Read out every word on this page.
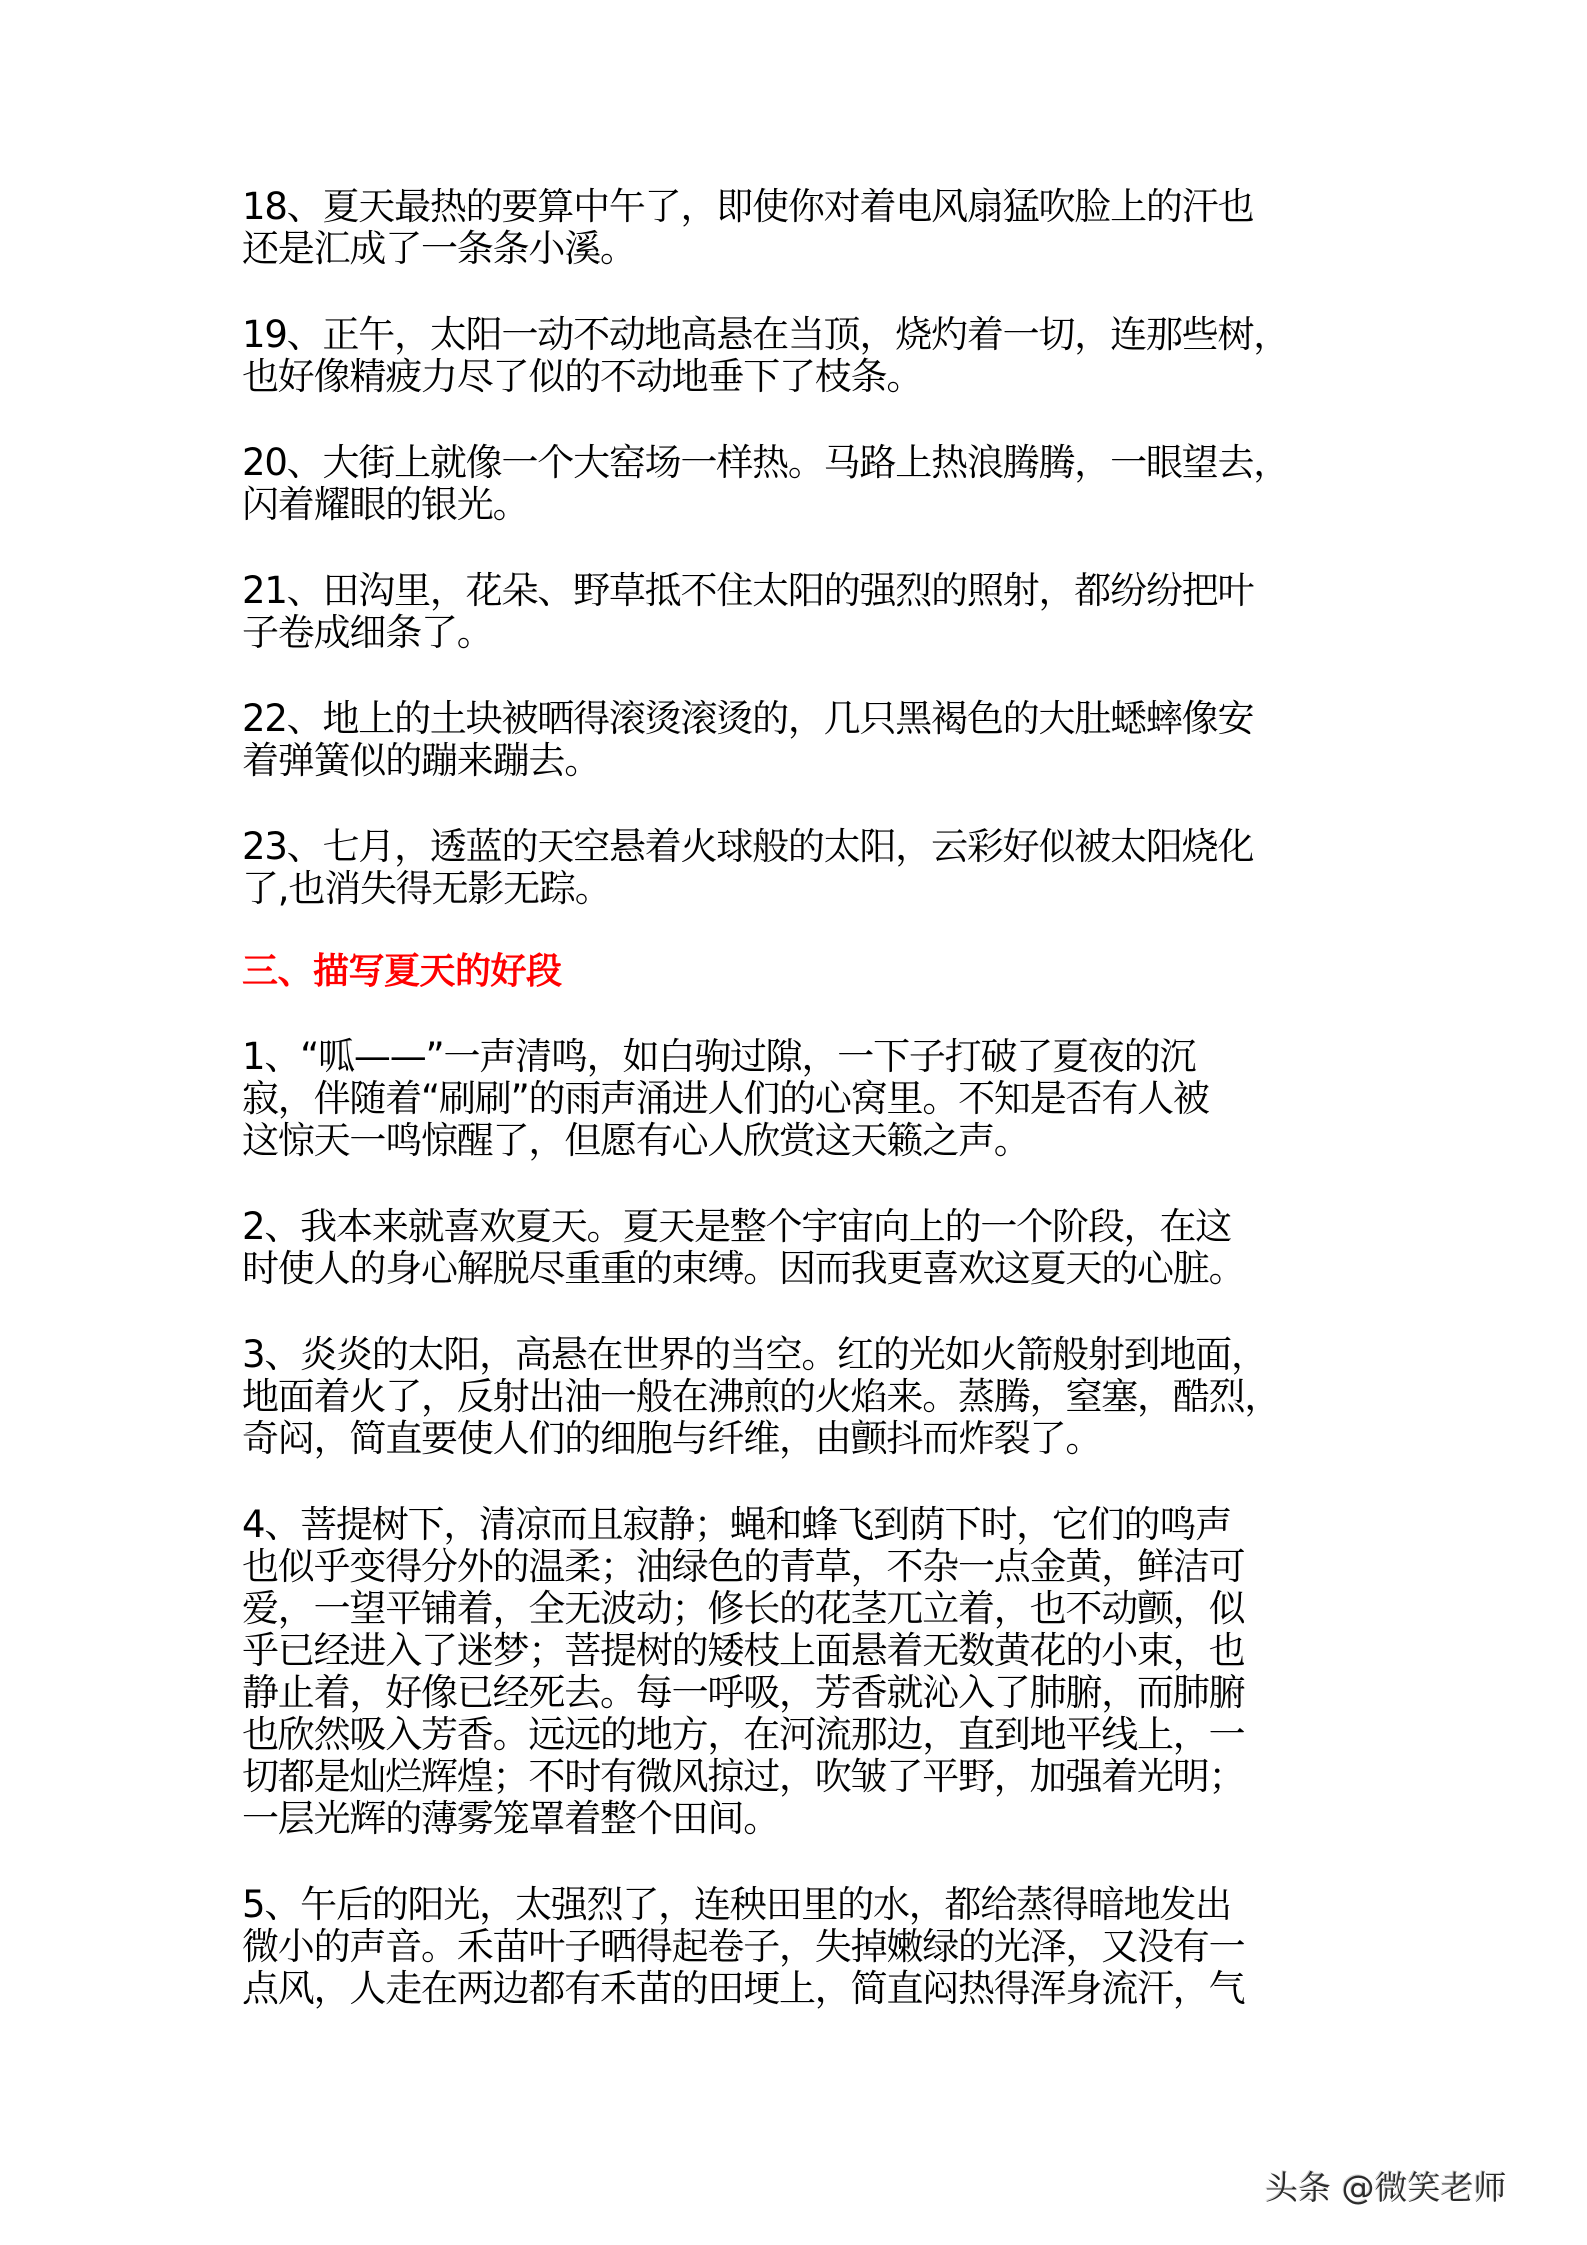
18、夏天最热的要算中午了，即使你对着电风扇猛吹脸上的汗也
还是汇成了一条条小溪。
19、正午，太阳一动不动地高悬在当顶，烧灼着一切，连那些树，
也好像精疲力尽了似的不动地垂下了枝条。
20、大街上就像一个大窑场一样热。马路上热浪腾腾，一眼望去，
闪着耀眼的银光。
21、田沟里，花朵、野草抵不住太阳的强烈的照射，都纷纷把叶
子卷成细条了。
22、地上的土块被晒得滚烫滚烫的，几只黑褐色的大肚蟋蟀像安
着弹簧似的蹦来蹦去。
23、七月，透蓝的天空悬着火球般的太阳，云彩好似被太阳烧化
了,也消失得无影无踪。
三、描写夏天的好段
1、“呱——”一声清鸣，如白驹过隙，一下子打破了夏夜的沉
寂，伴随着“刷刷”的雨声涌进人们的心窝里。不知是否有人被
这惊天一鸣惊醒了，但愿有心人欣赏这天籁之声。
2、我本来就喜欢夏天。夏天是整个宇宙向上的一个阶段，在这
时使人的身心解脱尽重重的束缚。因而我更喜欢这夏天的心脏。
3、炎炎的太阳，高悬在世界的当空。红的光如火箭般射到地面，
地面着火了，反射出油一般在沸煎的火焰来。蒸腾，窒塞，酷烈，
奇闷，简直要使人们的细胞与纤维，由颤抖而炸裂了。
4、菩提树下，清凉而且寂静；蝇和蜂飞到荫下时，它们的鸣声
也似乎变得分外的温柔；油绿色的青草，不杂一点金黄，鲜洁可
爱，一望平铺着，全无波动；修长的花茎兀立着，也不动颤，似
乎已经进入了迷梦；菩提树的矮枝上面悬着无数黄花的小束，也
静止着，好像已经死去。每一呼吸，芳香就沁入了肺腑，而肺腑
也欣然吸入芳香。远远的地方，在河流那边，直到地平线上，一
切都是灿烂辉煌；不时有微风掠过，吹皱了平野，加强着光明；
一层光辉的薄雾笼罩着整个田间。
5、午后的阳光，太强烈了，连秧田里的水，都给蒸得暗地发出
微小的声音。禾苗叶子晒得起卷子，失掉嫩绿的光泽，又没有一
点风，人走在两边都有禾苗的田埂上，简直闷热得浑身流汗，气
头条 @微笑老师
